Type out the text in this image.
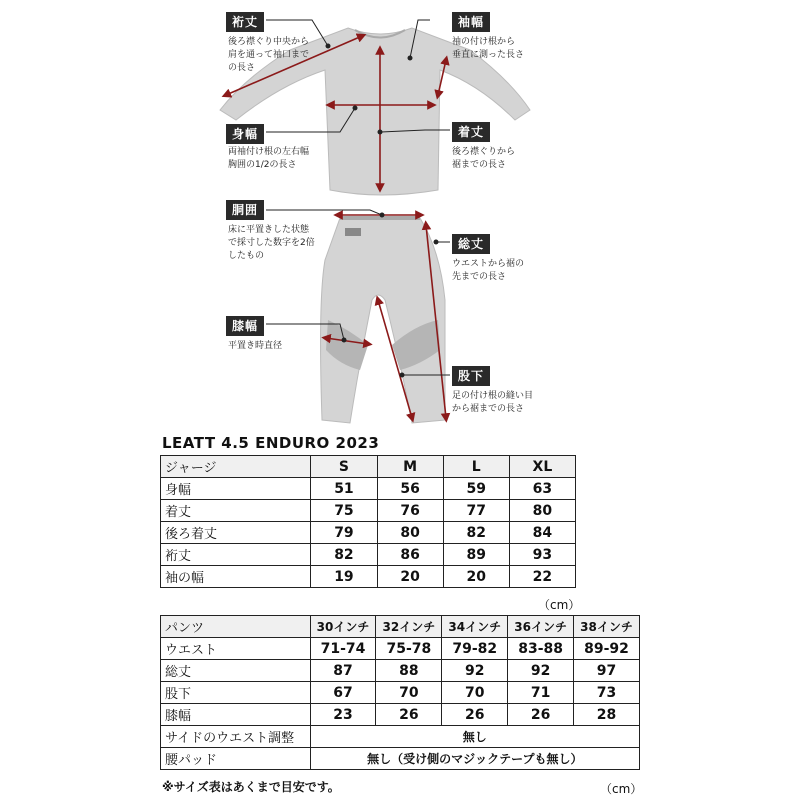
裄丈
後ろ襟ぐり中央から
肩を通って袖口まで
の長さ
袖幅
袖の付け根から
垂直に測った長さ
身幅
両袖付け根の左右幅
胸囲の1/2の長さ
着丈
後ろ襟ぐりから
裾までの長さ
胴囲
床に平置きした状態
で採寸した数字を2倍
したもの
総丈
ウエストから裾の
先までの長さ
膝幅
平置き時直径
股下
足の付け根の縫い目
から裾までの長さ
LEATT 4.5 ENDURO 2023
ジャージ	S	M	L	XL
身幅	51	56	59	63
着丈	75	76	77	80
後ろ着丈	79	80	82	84
裄丈	82	86	89	93
袖の幅	19	20	20	22
（cm）
パンツ	30インチ	32インチ	34インチ	36インチ	38インチ
ウエスト	71-74	75-78	79-82	83-88	89-92
総丈	87	88	92	92	97
股下	67	70	70	71	73
膝幅	23	26	26	26	28
サイドのウエスト調整	無し				
腰パッド	無し（受け側のマジックテープも無し）				
※サイズ表はあくまで目安です。	（cm）
